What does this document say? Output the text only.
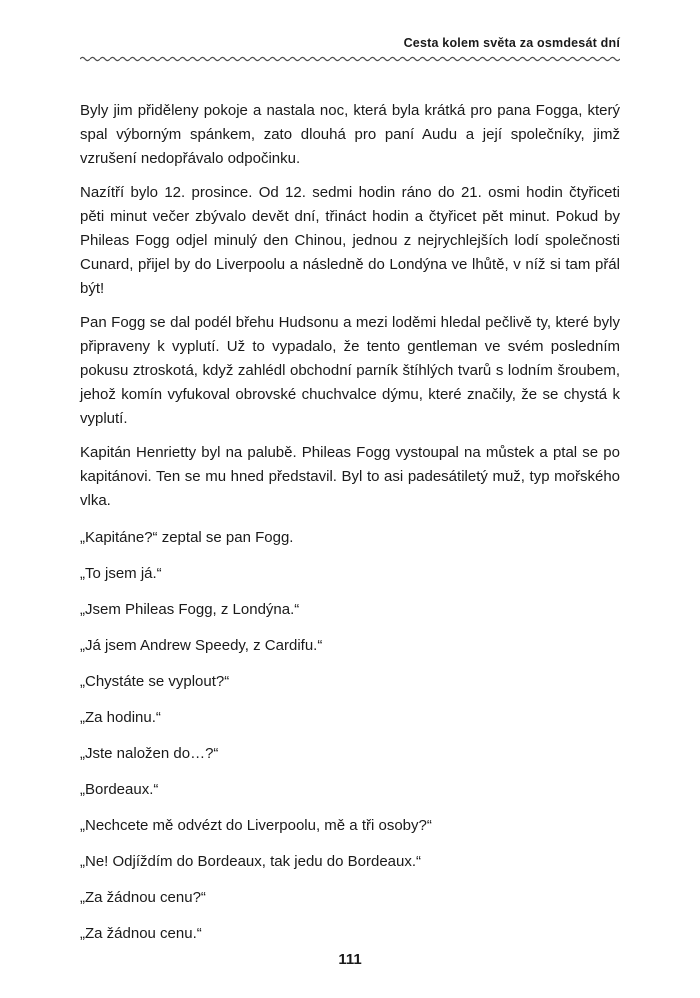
Cesta kolem světa za osmdesát dní

Byly jim přiděleny pokoje a nastala noc, která byla krátká pro pana Fogga, který spal výborným spánkem, zato dlouhá pro paní Audu a její společníky, jimž vzrušení nedopřávalo odpočinku.

Nazítří bylo 12. prosince. Od 12. sedmi hodin ráno do 21. osmi hodin čtyřiceti pěti minut večer zbývalo devět dní, třináct hodin a čtyřicet pět minut. Pokud by Phileas Fogg odjel minulý den Chinou, jednou z nejrychlejších lodí společnosti Cunard, přijel by do Liverpoolu a následně do Londýna ve lhůtě, v níž si tam přál být!

Pan Fogg se dal podél břehu Hudsonu a mezi loděmi hledal pečlivě ty, které byly připraveny k vyplutí. Už to vypadalo, že tento gentleman ve svém posledním pokusu ztroskotá, když zahlédl obchodní parník štíhlých tvarů s lodním šroubem, jehož komín vyfukoval obrovské chuchvalce dýmu, které značily, že se chystá k vyplutí.

Kapitán Henrietty byl na palubě. Phileas Fogg vystoupal na můstek a ptal se po kapitánovi. Ten se mu hned představil. Byl to asi padesátiletý muž, typ mořského vlka.

„Kapitáne?“ zeptal se pan Fogg.

„To jsem já.“

„Jsem Phileas Fogg, z Londýna.“

„Já jsem Andrew Speedy, z Cardifu.“

„Chystáte se vyplout?“

„Za hodinu.“

„Jste naložen do…?“

„Bordeaux.“

„Nechcete mě odvézt do Liverpoolu, mě a tři osoby?“

„Ne! Odjíždím do Bordeaux, tak jedu do Bordeaux.“

„Za žádnou cenu?“

„Za žádnou cenu.“

111
